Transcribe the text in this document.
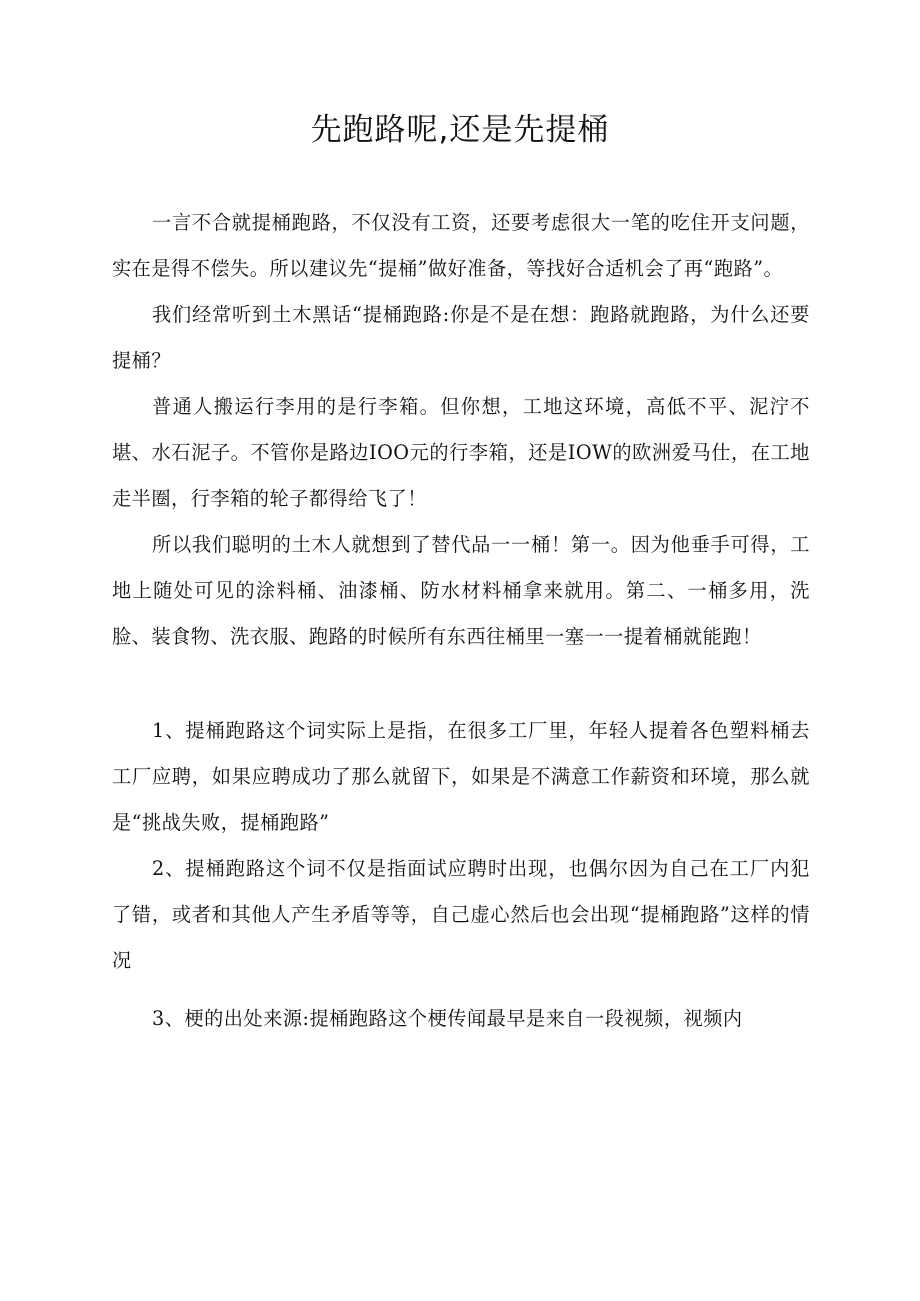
先跑路呢,还是先提桶

一言不合就提桶跑路，不仅没有工资，还要考虑很大一笔的吃住开支问题，实在是得不偿失。所以建议先“提桶”做好准备，等找好合适机会了再“跑路”。

我们经常听到土木黑话“提桶跑路:你是不是在想：跑路就跑路，为什么还要提桶？

普通人搬运行李用的是行李箱。但你想，工地这环境，高低不平、泥泞不堪、水石泥子。不管你是路边IOO元的行李箱，还是IOW的欧洲爱马仕，在工地走半圈，行李箱的轮子都得给飞了！

所以我们聪明的土木人就想到了替代品一一桶！第一。因为他垂手可得，工地上随处可见的涂料桶、油漆桶、防水材料桶拿来就用。第二、一桶多用，洗脸、装食物、洗衣服、跑路的时候所有东西往桶里一塞一一提着桶就能跑！

1、提桶跑路这个词实际上是指，在很多工厂里，年轻人提着各色塑料桶去工厂应聘，如果应聘成功了那么就留下，如果是不满意工作薪资和环境，那么就是“挑战失败，提桶跑路”

2、提桶跑路这个词不仅是指面试应聘时出现，也偶尔因为自己在工厂内犯了错，或者和其他人产生矛盾等等，自己虚心然后也会出现“提桶跑路”这样的情况

3、梗的出处来源:提桶跑路这个梗传闻最早是来自一段视频，视频内
